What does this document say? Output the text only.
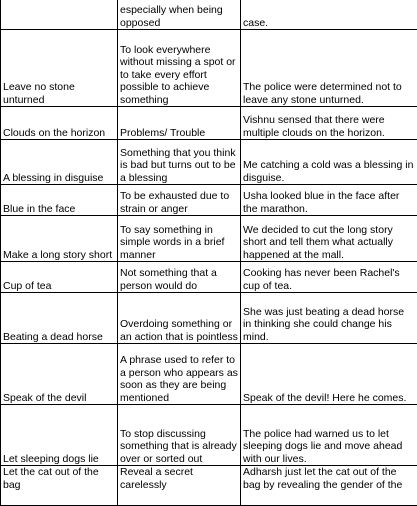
	especially when being opposed	case.
Leave no stone unturned	To look everywhere without missing a spot or to take every effort possible to achieve something	The police were determined not to leave any stone unturned.
Clouds on the horizon	Problems/ Trouble	Vishnu sensed that there were multiple clouds on the horizon.
A blessing in disguise	Something that you think is bad but turns out to be a blessing	Me catching a cold was a blessing in disguise.
Blue in the face	To be exhausted due to strain or anger	Usha looked blue in the face after the marathon.
Make a long story short	To say something in simple words in a brief manner	We decided to cut the long story short and tell them what actually happened at the mall.
Cup of tea	Not something that a person would do	Cooking has never been Rachel's cup of tea.
Beating a dead horse	Overdoing something or an action that is pointless	She was just beating a dead horse in thinking she could change his mind.
Speak of the devil	A phrase used to refer to a person who appears as soon as they are being mentioned	Speak of the devil! Here he comes.
Let sleeping dogs lie	To stop discussing something that is already over or sorted out	The police had warned us to let sleeping dogs lie and move ahead with our lives.
Let the cat out of the bag	Reveal a secret carelessly	Adharsh just let the cat out of the bag by revealing the gender of the
